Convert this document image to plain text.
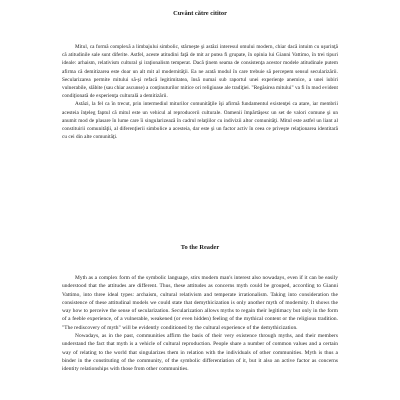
Cuvânt către cititor

Mitul, ca formă complexă a limbajului simbolic, stârneşte şi astăzi interesul omului modern, chiar dacă intuim cu uşurinţă că atitudinile sale sunt diferite. Astfel, aceste atitudini faţă de mit ar putea fi grupate, în opinia lui Gianni Vattimo, în trei tipuri ideale: arhaism, relativism cultural şi iraţionalism temperat. Dacă ţinem seama de consistenţa acestor modele atitudinale putem afirma că demitizarea este doar un alt mit al modernităţii. Ea ne arată modul în care trebuie să percepem sensul secularizării. Secularizarea permite mitului să-şi refacă legitimitatea, însă numai sub raportul unei experienţe anemice, a unei iubiri vulnerabile, slăbite (sau chiar ascunse) a conţinuturilor mitice ori religioase ale tradiţiei. "Regăsirea mitului" va fi în mod evident condiţionată de experienţa culturală a demitizării.

Astăzi, la fel ca în trecut, prin intermediul miturilor comunităţile îşi afirmă fundamentul existenţei ca atare, iar membrii acesteia înţeleg faptul că mitul este un vehicul al reproducerii culturale. Oamenii împărtăşesc un set de valori comune şi un anumit mod de plasare în lume care îi singularizează în cadrul relaţiilor cu indivizii altor comunităţi. Mitul este astfel un liant al constituirii comunităţii, al diferenţierii simbolice a acesteia, dar este şi un factor activ în ceea ce priveşte relaţionarea identitară cu cei din alte comunităţi.

To the Reader

Myth as a complex form of the symbolic language, stirs modern man's interest also nowadays, even if it can be easily understood that the attitudes are different. Thus, these attitudes as concerns myth could be grouped, according to Gianni Vattimo, into three ideal types: archaism, cultural relativism and temperate irrationalism. Taking into consideration the consistence of these attitudinal models we could state that demythicization is only another myth of modernity. It shows the way how to perceive the sense of secularization. Secularization allows myths to regain their legitimacy but only in the form of a feeble experience, of a vulnerable, weakened (or even hidden) feeling of the mythical content or the religious tradition. "The rediscovery of myth" will be evidently conditioned by the cultural experience of the demythicization.

Nowadays, as in the past, communities affirm the basis of their very existence through myths, and their members understand the fact that myth is a vehicle of cultural reproduction. People share a number of common values and a certain way of relating to the world that singularizes them in relation with the individuals of other communities. Myth is thus a binder in the constituting of the community, of the symbolic differentiation of it, but it also an active factor as concerns identity relationships with those from other communities.
